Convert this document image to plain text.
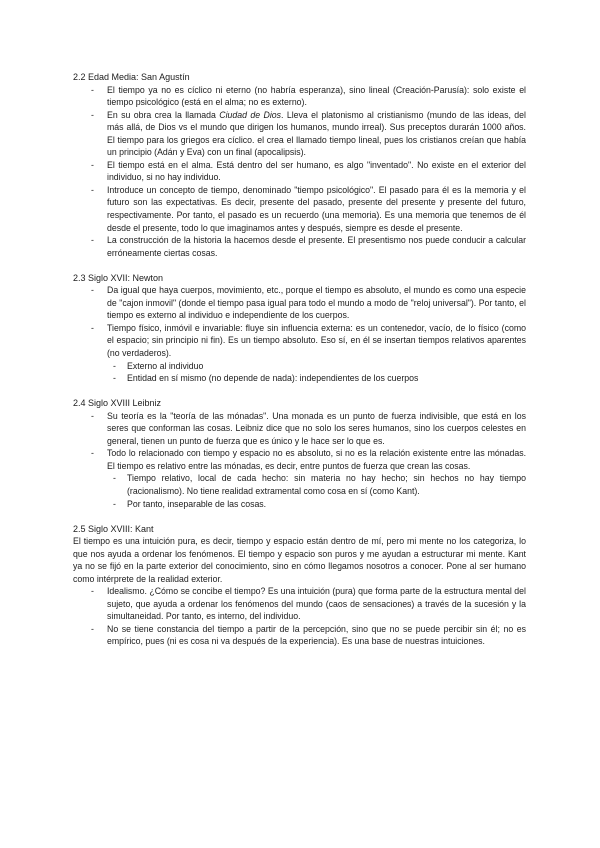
2.2 Edad Media: San Agustín
- El tiempo ya no es cíclico ni eterno (no habría esperanza), sino lineal (Creación-Parusía): solo existe el tiempo psicológico (está en el alma; no es externo).
- En su obra crea la llamada Ciudad de Dios. Lleva el platonismo al cristianismo (mundo de las ideas, del más allá, de Dios vs el mundo que dirigen los humanos, mundo irreal). Sus preceptos durarán 1000 años. El tiempo para los griegos era cíclico. el crea el llamado tiempo lineal, pues los cristianos creían que había un principio (Adán y Eva) con un final (apocalipsis).
- El tiempo está en el alma. Está dentro del ser humano, es algo "inventado". No existe en el exterior del individuo, si no hay individuo.
- Introduce un concepto de tiempo, denominado "tiempo psicológico". El pasado para él es la memoria y el futuro son las expectativas. Es decir, presente del pasado, presente del presente y presente del futuro, respectivamente. Por tanto, el pasado es un recuerdo (una memoria). Es una memoria que tenemos de él desde el presente, todo lo que imaginamos antes y después, siempre es desde el presente.
- La construcción de la historia la hacemos desde el presente. El presentismo nos puede conducir a calcular erróneamente ciertas cosas.
2.3 Siglo XVII: Newton
- Da igual que haya cuerpos, movimiento, etc., porque el tiempo es absoluto, el mundo es como una especie de "cajon inmovil" (donde el tiempo pasa igual para todo el mundo a modo de "reloj universal"). Por tanto, el tiempo es externo al individuo e independiente de los cuerpos.
- Tiempo físico, inmóvil e invariable: fluye sin influencia externa: es un contenedor, vacío, de lo físico (como el espacio; sin principio ni fin). Es un tiempo absoluto. Eso sí, en él se insertan tiempos relativos aparentes (no verdaderos).
- Externo al individuo
- Entidad en sí mismo (no depende de nada): independientes de los cuerpos
2.4 Siglo XVIII Leibniz
- Su teoría es la "teoría de las mónadas". Una monada es un punto de fuerza indivisible, que está en los seres que conforman las cosas. Leibniz dice que no solo los seres humanos, sino los cuerpos celestes en general, tienen un punto de fuerza que es único y le hace ser lo que es.
- Todo lo relacionado con tiempo y espacio no es absoluto, si no es la relación existente entre las mónadas. El tiempo es relativo entre las mónadas, es decir, entre puntos de fuerza que crean las cosas.
- Tiempo relativo, local de cada hecho: sin materia no hay hecho; sin hechos no hay tiempo (racionalismo). No tiene realidad extramental como cosa en sí (como Kant).
- Por tanto, inseparable de las cosas.
2.5 Siglo XVIII: Kant

El tiempo es una intuición pura, es decir, tiempo y espacio están dentro de mí, pero mi mente no los categoriza, lo que nos ayuda a ordenar los fenómenos. El tiempo y espacio son puros y me ayudan a estructurar mi mente. Kant ya no se fijó en la parte exterior del conocimiento, sino en cómo llegamos nosotros a conocer. Pone al ser humano como intérprete de la realidad exterior.

- Idealismo. ¿Cómo se concibe el tiempo? Es una intuición (pura) que forma parte de la estructura mental del sujeto, que ayuda a ordenar los fenómenos del mundo (caos de sensaciones) a través de la sucesión y la simultaneidad. Por tanto, es interno, del individuo.
- No se tiene constancia del tiempo a partir de la percepción, sino que no se puede percibir sin él; no es empírico, pues (ni es cosa ni va después de la experiencia). Es una base de nuestras intuiciones.
